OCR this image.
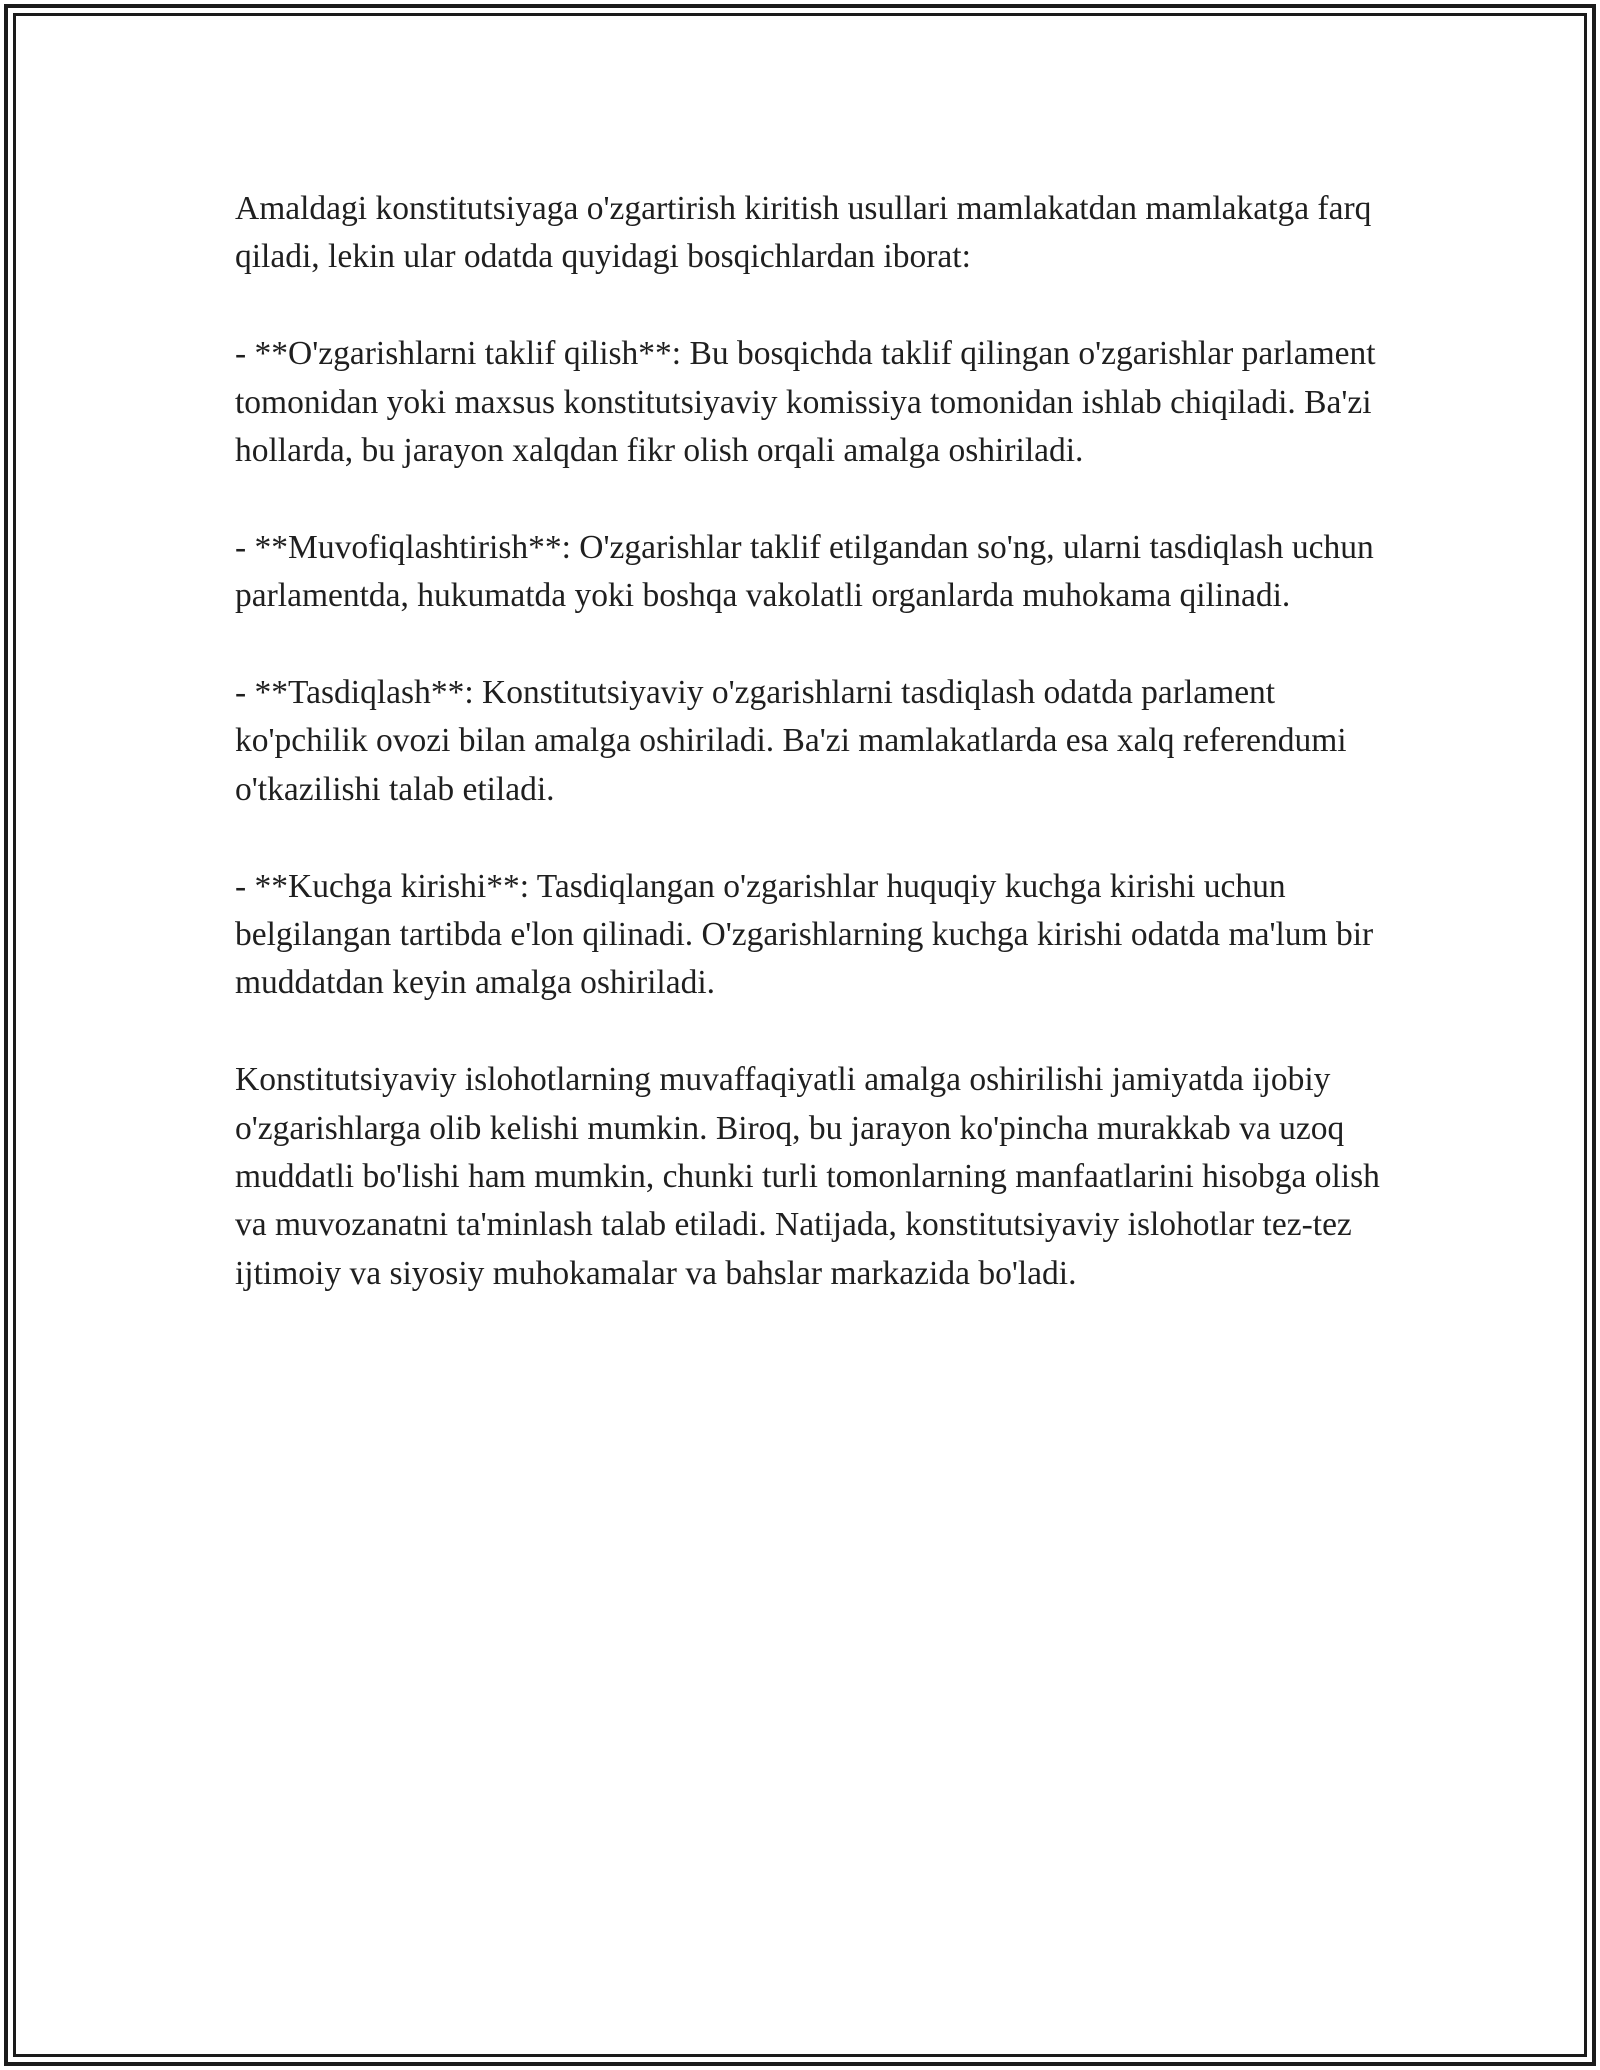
Amaldagi konstitutsiyaga o'zgartirish kiritish usullari mamlakatdan mamlakatga farq qiladi, lekin ular odatda quyidagi bosqichlardan iborat:

- **O'zgarishlarni taklif qilish**: Bu bosqichda taklif qilingan o'zgarishlar parlament tomonidan yoki maxsus konstitutsiyaviy komissiya tomonidan ishlab chiqiladi. Ba'zi hollarda, bu jarayon xalqdan fikr olish orqali amalga oshiriladi.

- **Muvofiqlashtirish**: O'zgarishlar taklif etilgandan so'ng, ularni tasdiqlash uchun parlamentda, hukumatda yoki boshqa vakolatli organlarda muhokama qilinadi.

- **Tasdiqlash**: Konstitutsiyaviy o'zgarishlarni tasdiqlash odatda parlament ko'pchilik ovozi bilan amalga oshiriladi. Ba'zi mamlakatlarda esa xalq referendumi o'tkazilishi talab etiladi.

- **Kuchga kirishi**: Tasdiqlangan o'zgarishlar huquqiy kuchga kirishi uchun belgilangan tartibda e'lon qilinadi. O'zgarishlarning kuchga kirishi odatda ma'lum bir muddatdan keyin amalga oshiriladi.

Konstitutsiyaviy islohotlarning muvaffaqiyatli amalga oshirilishi jamiyatda ijobiy o'zgarishlarga olib kelishi mumkin. Biroq, bu jarayon ko'pincha murakkab va uzoq muddatli bo'lishi ham mumkin, chunki turli tomonlarning manfaatlarini hisobga olish va muvozanatni ta'minlash talab etiladi. Natijada, konstitutsiyaviy islohotlar tez-tez ijtimoiy va siyosiy muhokamalar va bahslar markazida bo'ladi.
